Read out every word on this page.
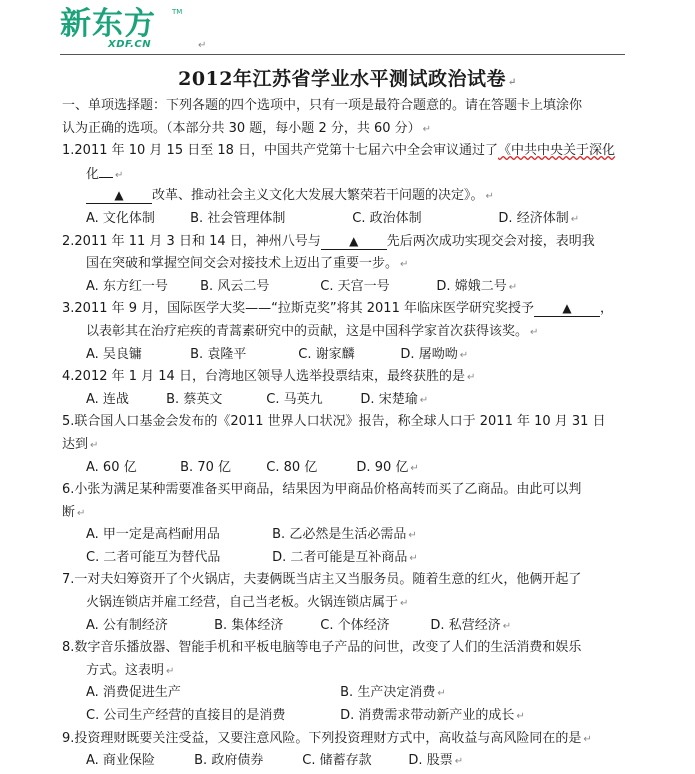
新东方 TM
XDF.CN	↵
2012年江苏省学业水平测试政治试卷 ↵
一、单项选择题：下列各题的四个选项中，只有一项是最符合题意的。请在答题卡上填涂你
认为正确的选项。（本部分共 30 题，每小题 2 分，共 60 分） ↵
1.2011 年 10 月 15 日至 18 日，中国共产党第十七届六中全会审议通过了《中共中央关于深化
化 ↵
▲ 改革、推动社会主义文化大发展大繁荣若干问题的决定》。 ↵
A. 文化体制	B. 社会管理体制	C. 政治体制	D. 经济体制 ↵
2.2011 年 11 月 3 日和 14 日，神州八号与 ▲ 先后两次成功实现交会对接，表明我
国在突破和掌握空间交会对接技术上迈出了重要一步。 ↵
A. 东方红一号 B. 风云二号	C. 天宫一号	D. 嫦娥二号 ↵
3.2011 年 9 月，国际医学大奖——“拉斯克奖”将其 2011 年临床医学研究奖授予 ▲ ，
以表彰其在治疗疟疾的青蒿素研究中的贡献，这是中国科学家首次获得该奖。 ↵
A. 吴良镛	B. 袁隆平	C. 谢家麟	D. 屠呦呦 ↵
4.2012 年 1 月 14 日，台湾地区领导人选举投票结束，最终获胜的是 ↵
A. 连战	B. 蔡英文	C. 马英九	D. 宋楚瑜 ↵
5.联合国人口基金会发布的《2011 世界人口状况》报告，称全球人口于 2011 年 10 月 31 日
达到 ↵
A. 60 亿	B. 70 亿	C. 80 亿	D. 90 亿 ↵
6.小张为满足某种需要准备买甲商品，结果因为甲商品价格高转而买了乙商品。由此可以判
断 ↵
A. 甲一定是高档耐用品	B. 乙必然是生活必需品 ↵
C. 二者可能互为替代品	D. 二者可能是互补商品 ↵
7.一对夫妇筹资开了个火锅店，夫妻俩既当店主又当服务员。随着生意的红火，他俩开起了
火锅连锁店并雇工经营，自己当老板。火锅连锁店属于 ↵
A. 公有制经济	B. 集体经济	C. 个体经济	D. 私营经济 ↵
8.数字音乐播放器、智能手机和平板电脑等电子产品的问世，改变了人们的生活消费和娱乐
方式。这表明 ↵
A. 消费促进生产	B. 生产决定消费 ↵
C. 公司生产经营的直接目的是消费	D. 消费需求带动新产业的成长 ↵
9.投资理财既要关注受益，又要注意风险。下列投资理财方式中，高收益与高风险同在的是 ↵
A. 商业保险	B. 政府债券	C. 储蓄存款	D. 股票 ↵
